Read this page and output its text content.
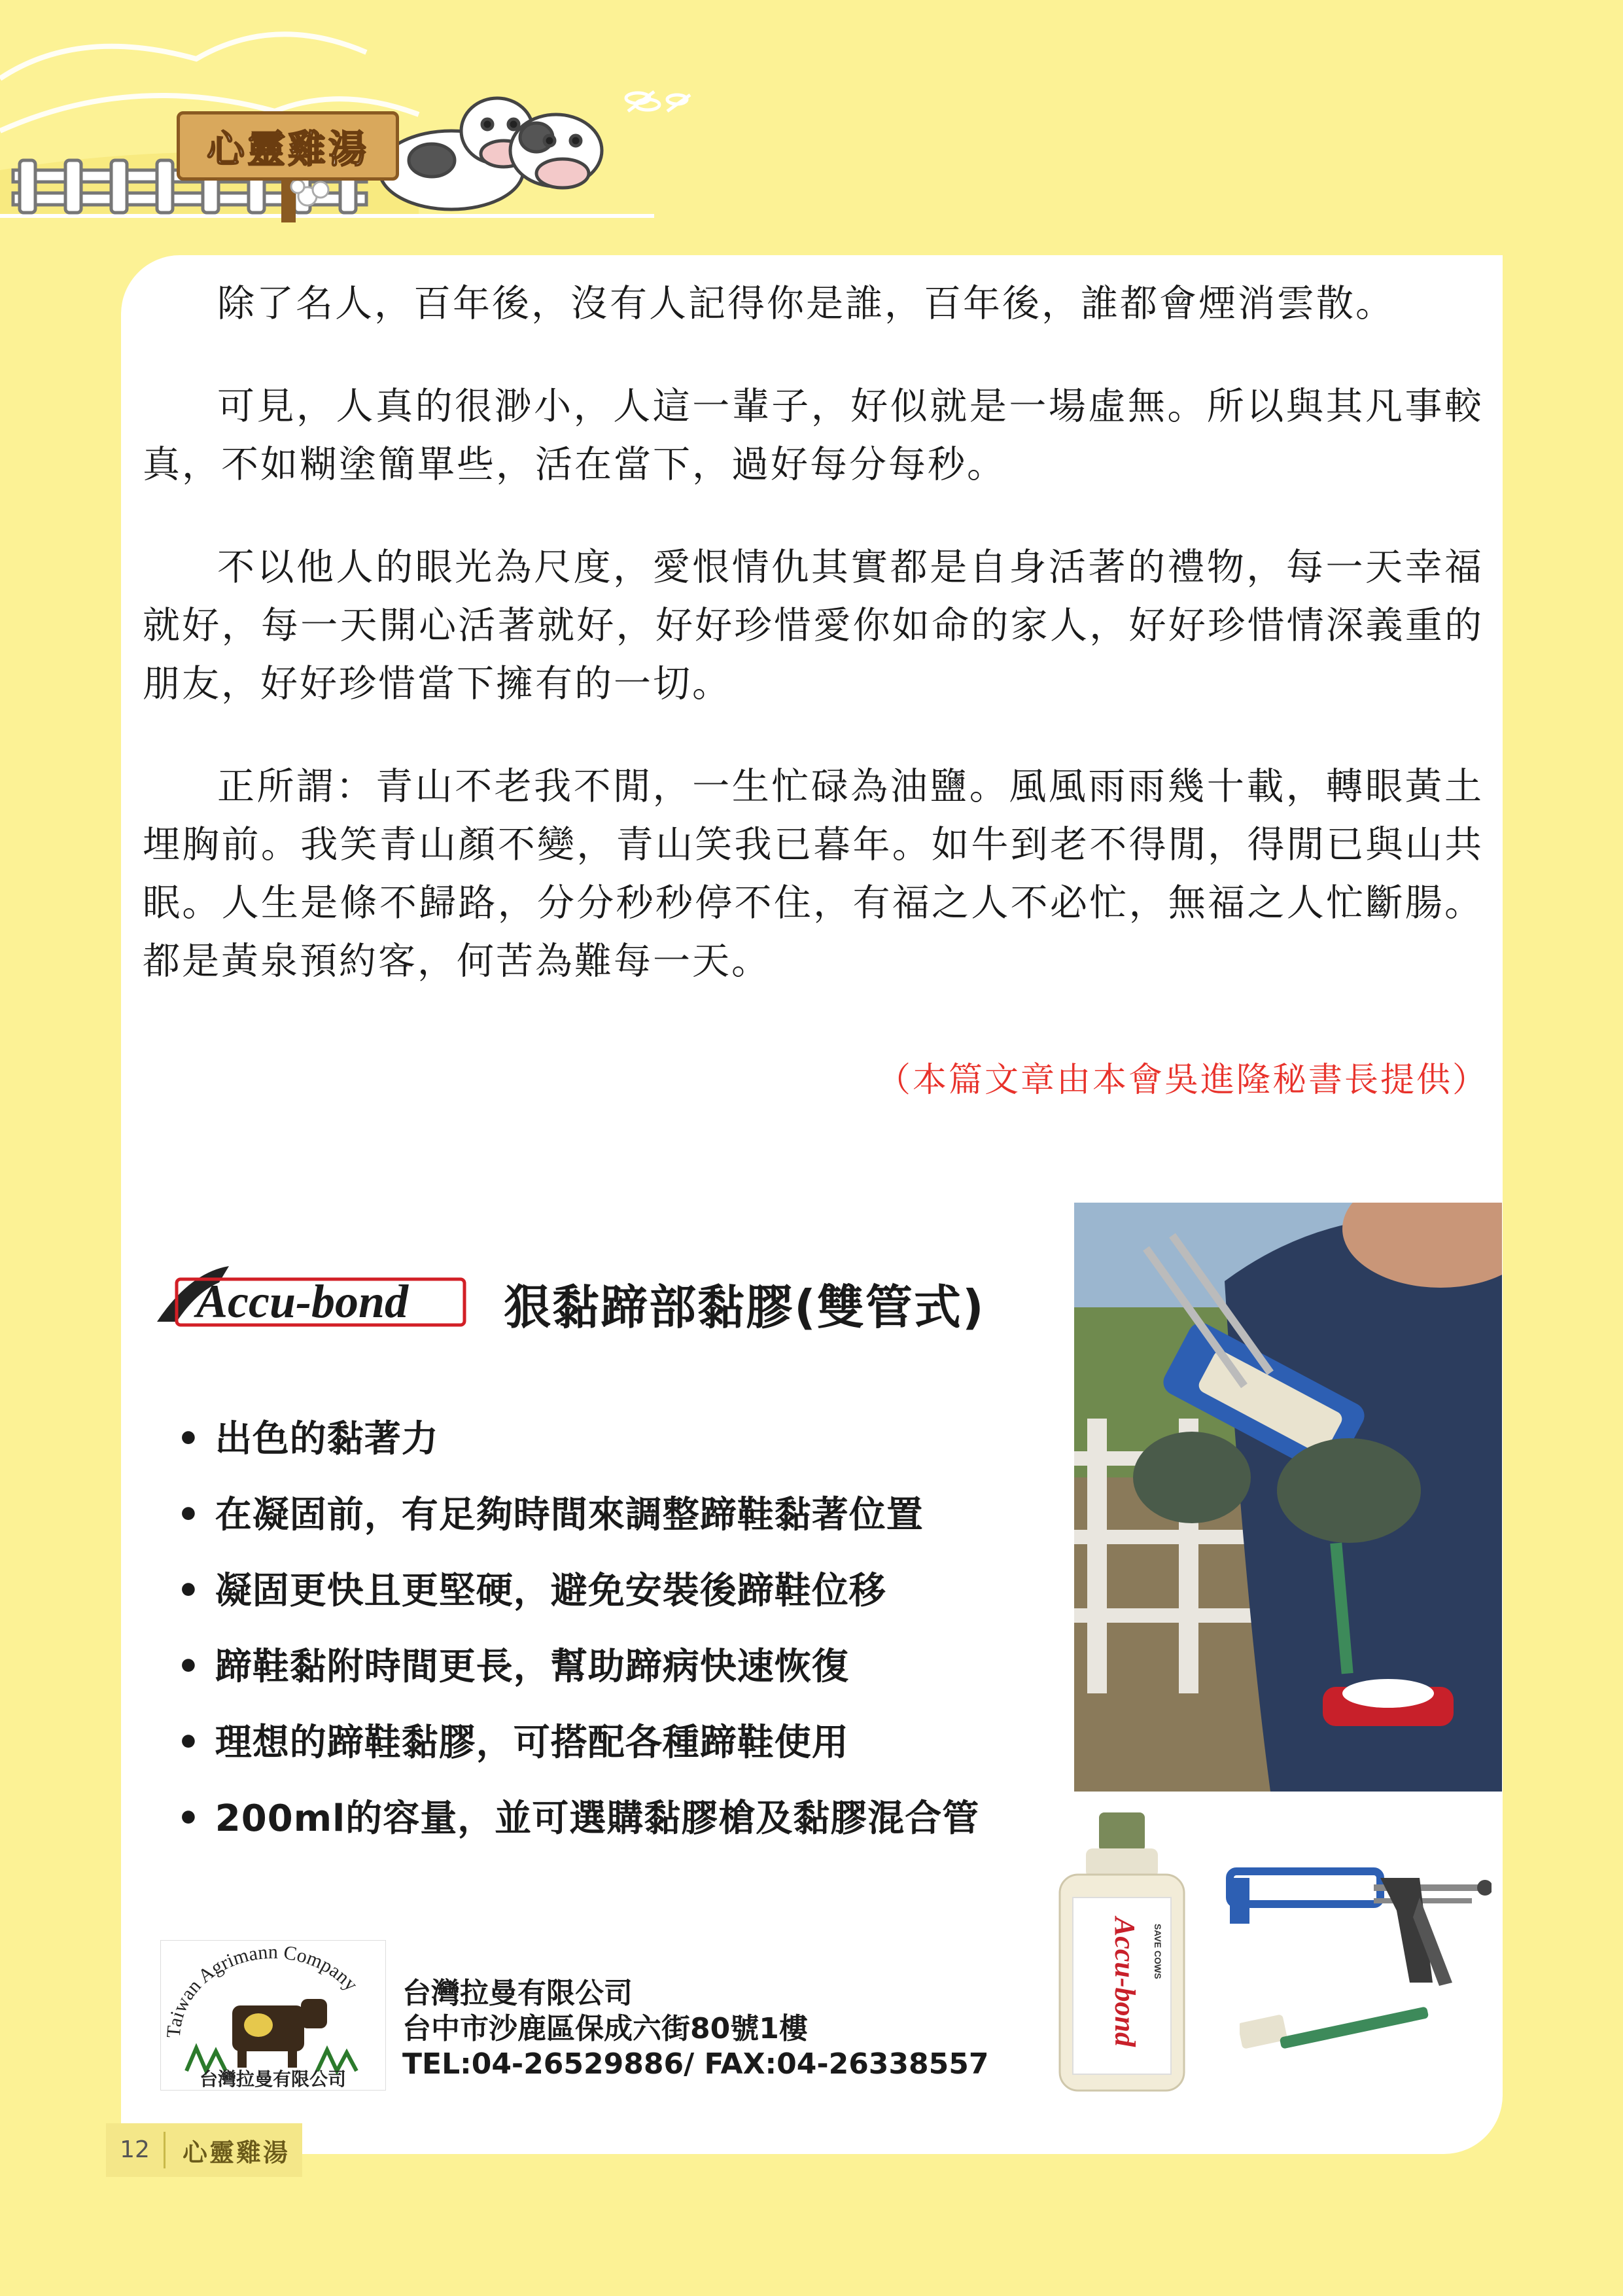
心靈雞湯

除了名人，百年後，沒有人記得你是誰，百年後，誰都會煙消雲散。

可見，人真的很渺小，人這一輩子，好似就是一場虛無。所以與其凡事較真，不如糊塗簡單些，活在當下，過好每分每秒。

不以他人的眼光為尺度，愛恨情仇其實都是自身活著的禮物，每一天幸福就好，每一天開心活著就好，好好珍惜愛你如命的家人，好好珍惜情深義重的朋友，好好珍惜當下擁有的一切。

正所謂：青山不老我不閒，一生忙碌為油鹽。風風雨雨幾十載，轉眼黃土埋胸前。我笑青山顏不變，青山笑我已暮年。如牛到老不得閒，得閒已與山共眠。人生是條不歸路，分分秒秒停不住，有福之人不必忙，無福之人忙斷腸。都是黃泉預約客，何苦為難每一天。

（本篇文章由本會吳進隆秘書長提供）
Accu-bond 狠黏蹄部黏膠(雙管式)
• 出色的黏著力
• 在凝固前，有足夠時間來調整蹄鞋黏著位置
• 凝固更快且更堅硬，避免安裝後蹄鞋位移
• 蹄鞋黏附時間更長，幫助蹄病快速恢復
• 理想的蹄鞋黏膠，可搭配各種蹄鞋使用
• 200ml的容量，並可選購黏膠槍及黏膠混合管
Taiwan Agrimann Company
台灣拉曼有限公司
台灣拉曼有限公司
台中市沙鹿區保成六街80號1樓
TEL:04-26529886/ FAX:04-26338557
Accu-bond SAVE COWS
12	心靈雞湯
